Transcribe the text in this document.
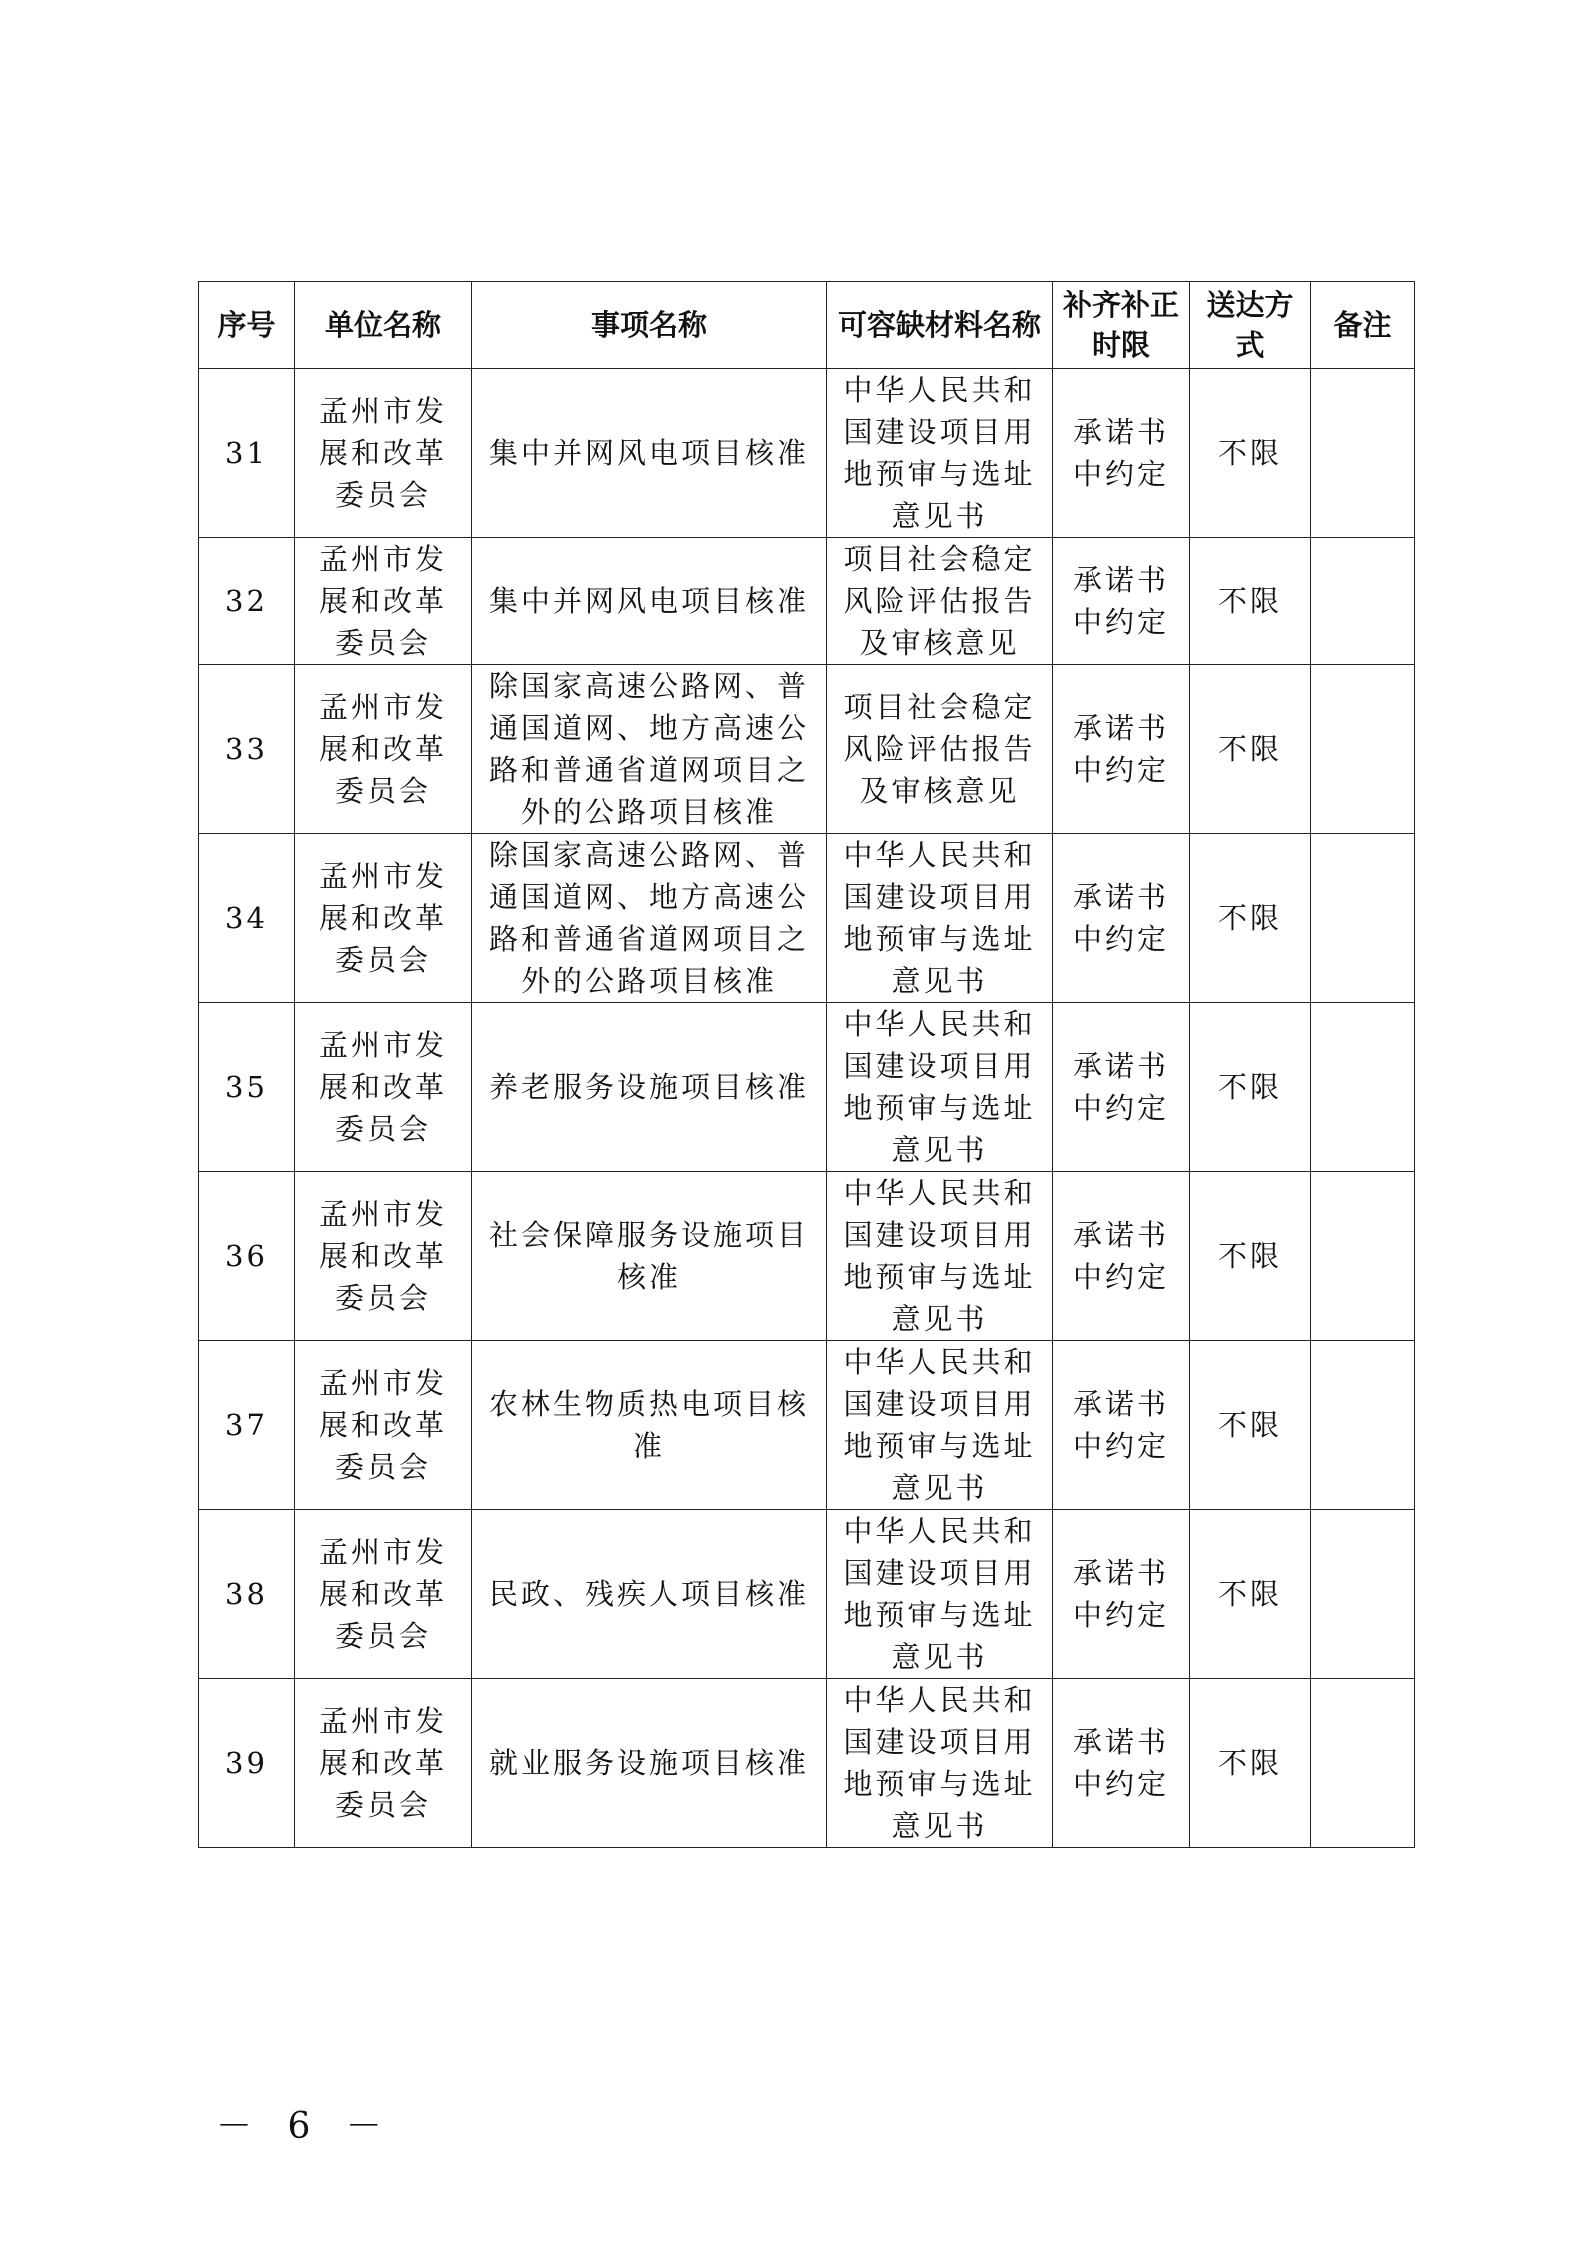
序号	单位名称	事项名称	可容缺材料名称	补齐补正时限	送达方式	备注
31	孟州市发展和改革委员会	集中并网风电项目核准	中华人民共和国建设项目用地预审与选址意见书	承诺书中约定	不限	
32	孟州市发展和改革委员会	集中并网风电项目核准	项目社会稳定风险评估报告及审核意见	承诺书中约定	不限	
33	孟州市发展和改革委员会	除国家高速公路网、普通国道网、地方高速公路和普通省道网项目之外的公路项目核准	项目社会稳定风险评估报告及审核意见	承诺书中约定	不限	
34	孟州市发展和改革委员会	除国家高速公路网、普通国道网、地方高速公路和普通省道网项目之外的公路项目核准	中华人民共和国建设项目用地预审与选址意见书	承诺书中约定	不限	
35	孟州市发展和改革委员会	养老服务设施项目核准	中华人民共和国建设项目用地预审与选址意见书	承诺书中约定	不限	
36	孟州市发展和改革委员会	社会保障服务设施项目核准	中华人民共和国建设项目用地预审与选址意见书	承诺书中约定	不限	
37	孟州市发展和改革委员会	农林生物质热电项目核准	中华人民共和国建设项目用地预审与选址意见书	承诺书中约定	不限	
38	孟州市发展和改革委员会	民政、残疾人项目核准	中华人民共和国建设项目用地预审与选址意见书	承诺书中约定	不限	
39	孟州市发展和改革委员会	就业服务设施项目核准	中华人民共和国建设项目用地预审与选址意见书	承诺书中约定	不限	
－ 6 －
